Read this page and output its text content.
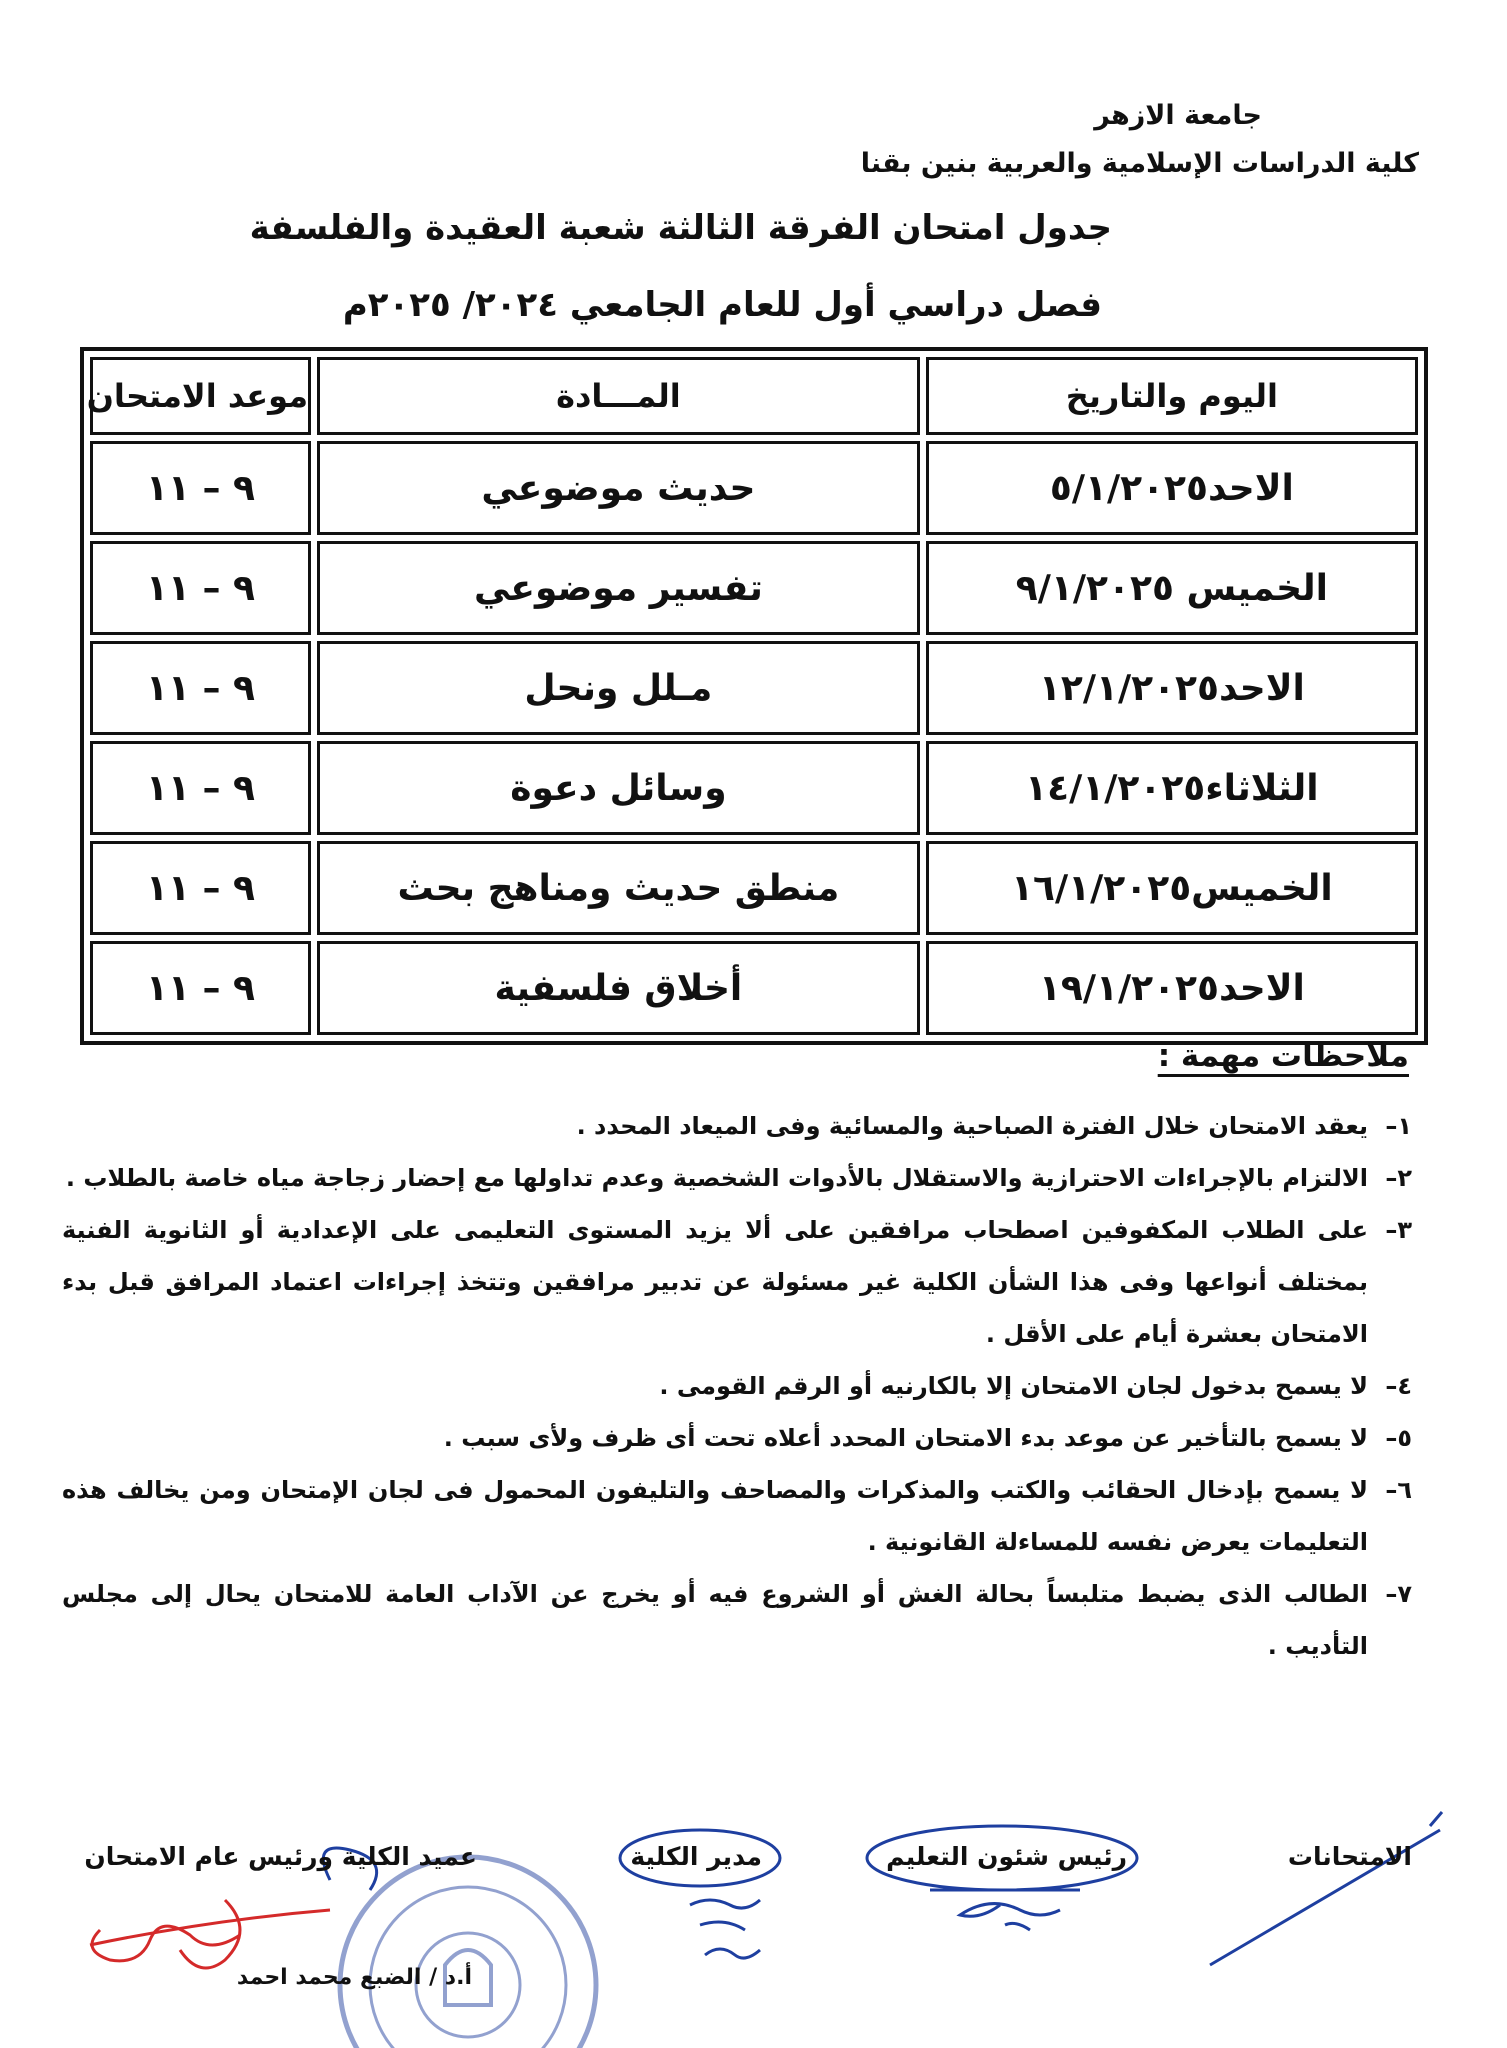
جامعة الازهر
كلية الدراسات الإسلامية والعربية بنين بقنا
جدول امتحان الفرقة الثالثة شعبة العقيدة والفلسفة
فصل دراسي أول للعام الجامعي ٢٠٢٤/ ٢٠٢٥م
اليوم والتاريخ	المـــادة	موعد الامتحان
الاحد٥/١/٢٠٢٥	حديث موضوعي	٩ – ١١
الخميس ٩/١/٢٠٢٥	تفسير موضوعي	٩ – ١١
الاحد١٢/١/٢٠٢٥	مـلل ونحل	٩ – ١١
الثلاثاء١٤/١/٢٠٢٥	وسائل دعوة	٩ – ١١
الخميس١٦/١/٢٠٢٥	منطق حديث ومناهج بحث	٩ – ١١
الاحد١٩/١/٢٠٢٥	أخلاق فلسفية	٩ – ١١
ملاحظات مهمة :

١–
يعقد الامتحان خلال الفترة الصباحية والمسائية وفى الميعاد المحدد .

٢–
الالتزام بالإجراءات الاحترازية والاستقلال بالأدوات الشخصية وعدم تداولها مع إحضار زجاجة مياه خاصة بالطلاب .

٣–
على الطلاب المكفوفين اصطحاب مرافقين على ألا يزيد المستوى التعليمى على الإعدادية أو الثانوية الفنية بمختلف أنواعها وفى هذا الشأن الكلية غير مسئولة عن تدبير مرافقين وتتخذ إجراءات اعتماد المرافق قبل بدء الامتحان بعشرة أيام على الأقل .

٤–
لا يسمح بدخول لجان الامتحان إلا بالكارنيه أو الرقم القومى .

٥–
لا يسمح بالتأخير عن موعد بدء الامتحان المحدد أعلاه تحت أى ظرف ولأى سبب .

٦–
لا يسمح بإدخال الحقائب والكتب والمذكرات والمصاحف والتليفون المحمول فى لجان الإمتحان ومن يخالف هذه التعليمات يعرض نفسه للمساءلة القانونية .

٧–
الطالب الذى يضبط متلبساً بحالة الغش أو الشروع فيه أو يخرج عن الآداب العامة للامتحان يحال إلى مجلس التأديب .

الامتحانات
رئيس شئون التعليم
مدير الكلية
عميد الكلية ورئيس عام الامتحان
أ.د / الضبع محمد احمد
